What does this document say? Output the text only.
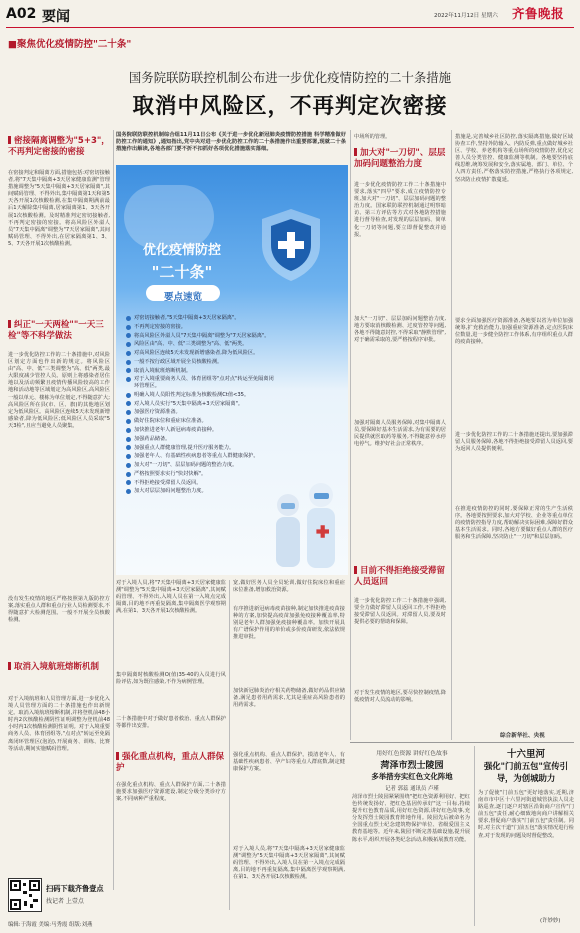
A02 要闻	2022年11月12日 星期六 齐鲁晚报
■聚焦优化疫情防控"二十条"
国务院联防联控机制公布进一步优化疫情防控的二十条措施
取消中风险区，不再判定次密接
国务院联防联控机制综合组11月11日公布《关于进一步优化新冠肺炎疫情防控措施 科学精准做好防控工作的通知》,通知指出,党中央对进一步优化防控工作的二十条措施作出重要部署,现就二十条措施作出解读,各地各部门要不折不扣抓好各项优化措施落实落细。
密接隔离调整为"5+3"，不再判定密接的密接
在密接判定和隔离方面,措施包括:对密切接触者,将"7天集中隔离+3天居家健康监测"管理措施调整为"5天集中隔离+3天居家隔离",其间赋码管理、不得外出,集中隔离第1天和第5天各开展1次核酸检测,在集中隔离期满前最后1天解除集中隔离,居家隔离第1、3天各开展1次核酸检测。及时精准判定密切接触者,不再判定密接的密接。将高风险区外溢人员"7天集中隔离"调整为"7天居家隔离",其间赋码管理、不得外出,在居家隔离第1、3、5、7天各开展1次核酸检测。
纠正"一天两检""一天三检"等不科学做法
进一步优化防控工作的二十条措施中,对风险区划定方面也作出新的规定。将风险区由"高、中、低"三类调整为"高、低"两类,最大限度减少管控人员。原则上将感染者居住地以及活动频繁且疫情传播风险较高的工作地和活动地等区域划定为高风险区,高风险区一般以单元、楼栋为单位划定,不得随意扩大;高风险区所在县(市、区、旗)的其他地区划定为低风险区。高风险区连续5天未发现新增感染者,降为低风险区;低风险区人员采取"5天3检",且应当避免人员聚集。
没有发生疫情的地区严格按照第九版防控方案,落实重点人群和重点行业人员检测要求,不得随意扩大检测范围。一般不开展全员核酸检测。
取消入境航班熔断机制
对于入境航班和人员管理方面,进一步优化入境人员管理方面的二十条措施也作出新规定。取消入境航班熔断机制,并将登机前48小时内2次核酸检测阴性证明调整为登机前48小时内1次核酸检测阴性证明。对于入境重要商务人员、体育团组等,"点对点"转运至免隔离闭环管理区(泡泡),开展商务、训练、比赛等活动,期间实施赋码管理。
优化疫情防控
"二十条"
要点速览
对密切接触者,"5天集中隔离+3天居家隔离"。
不再判定密接的密接。
将高风险区外溢人员"7天集中隔离"调整为"7天居家隔离"。
风险区由"高、中、低"三类调整为"高、低"两类。
对高风险区连续5天未发现新增感染者,降为低风险区。
一般不按行政区域开展全员核酸检测。
取消入境航班熔断机制。
对于入境重要商务人员、体育团组等"点对点"转运至免隔离闭环管理区。
明确入境人员阳性判定标准为核酸检测Ct值<35。
对入境人员实行"5天集中隔离+3天居家隔离"。
加强医疗资源准备。
做好住院床位和重症床位准备。
加快推进老年人新冠病毒疫苗接种。
加强药品储备。
加强重点人群健康管理,提升医疗服务能力。
加强老年人、有基础性疾病患者等重点人群健康保护。
加大对"一刀切"、层层加码问题的整治力度。
严格按照要求实行"快封快解"。
不得拒绝接受滞留人员返回。
加大对层层加码问题整治力度。
对于入境人员,将"7天集中隔离+3天居家健康监测"调整为"5天集中隔离+3天居家隔离",其间赋码管理、不得外出,入境人员在第一入境点完成隔离,目的地不再重复隔离,集中隔离医学观察期满,在第1、3天各开展1次核酸检测。
强化重点机构，重点人群保护
在强化重点机构、重点人群保护方面,二十条措施要求加强医疗资源建设,制定分级分类诊疗方案,不同病种严重程度。
集中隔离时核酸检测O(值)35-40的入员进行风险评估,如为既往感染,不作为病例管理。
二十条措施中对于做好患者救治、重点人群保护等都作出安排。
宽,做好医务人员全员轮训,做好住院床位和重症床位准备,增加救治资源。
有序推进新冠病毒疫苗接种,制定加快推进疫苗接种的方案,加快提高疫苗加强免疫接种覆盖率,特别是老年人群加强免疫接种覆盖率。加快开展具有广谱保护作用的单价或多价疫苗研发,依法依规推进审批。
加快新冠肺炎治疗相关药物储备,做好药品供应储备,满足患者用药需求,尤其是重症高风险患者的用药需求。
强化重点机构、重点人群保护。摸清老年人、有基础性疾病患者、孕产妇等重点人群底数,制定健康保护方案。
对于入境人员,将"7天集中隔离+3天居家健康监测"调整为"5天集中隔离+3天居家隔离",其间赋码管理、不得外出,入境人员在第一入境点完成隔离,目的地不再重复隔离,集中隔离医学观察期满,在第1、3天各开展1次核酸检测。
中场所的管理。
加大对"一刀切"、层层加码问题整治力度
进一步优化疫情防控工作二十条措施中要求,落实"四早"要求,成立疫情防控专班,加大对"一刀切"、层层加码问题的整治力度。国家联防联控机制通过明察暗访、第三方评估等方式对各地防控措施进行督导检查,对发现的层层加码、简单化一刀切等问题,要立即督促整改并通报。
加大"一刀切"、层层加码问题整治力度,地方要取消核酸检测、过度管控等问题,各地不得随意封控,不得采取"静默管理",对于确需采取的,要严格按程序审批。
加强对隔离人员服务保障,对集中隔离人员,要保障好基本生活需求,为有需要的居民提供就医取药等服务,不得随意停水停电停气。维护好社会正常秩序。
目前不得拒绝接受滞留人员返回
进一步优化防控工作二十条措施中强调,要全力做好滞留人员返回工作,不得拒绝接受滞留人员返回。对滞留人员,要及时提供必要的帮助和保障。
对于发生疫情的地区,要尽快控制疫情,降低疫情对人员流动的影响。
措施是,完善城乡社区防控,落实隔离措施,做好区域协查工作,坚持外防输入、内防反弹,重点做好城乡社区、学校、养老机构等重点场所的疫情防控,优化完善人员分类管控、健康监测等机制。各地要坚持底线思维,统筹发展和安全,落实属地、部门、单位、个人四方责任,严格落实防控措施,严格执行各项规定,坚决防止疫情扩散蔓延。
要求全面加强医疗资源准备,各地要以省为单位加强统筹,扩充救治能力,加强重症资源准备,定点医院床位数量,进一步健全防控工作体系,有序组织重点人群的疫苗接种。
进一步优化防控工作的二十条措施还提出,要加强滞留人员服务保障,各地不得拒绝接受滞留人员返回,要为返回人员提供便利。
在推进疫情防控的同时,要保障正常的生产生活秩序。各地要按照要求,加大对学校、企业等重点单位的疫情防控指导力度,帮助解决实际困难,保障好群众基本生活需求。同时,各地方要做好重点人群的医疗服务和生活保障,坚决防止"一刀切"和层层加码。
综合新华社、央视
用好红色资源 讲好红色故事
菏泽市烈士陵园
多举措夯实红色文化阵地
记者 郭蕊 通讯员 卢瑾
菏泽市烈士陵园紧紧围绕"把红色资源利用好、把红色传统发扬好、把红色基因传承好"这一目标,持续提升红色教育品质,用好红色资源,讲好红色故事,充分发挥烈士陵园教育阵地作用。陵园先后被命名为全国重点烈士纪念建筑物保护单位、省级爱国主义教育基地等。近年来,陵园不断完善基础设施,提升展陈水平,组织开展各类纪念活动,积极拓展教育功能。
十六里河
强化"门前五包"宣传引导，为创城助力
为了促使"门前五包"更好地落实,近期,济南市市中区十六里河街道城管执法人员走路巡查,逐门逐户对辖区沿街商户宣传"门前五包"责任,耐心细致地向商户讲解相关要求,督促商户落实"门前五包"责任制。同时,对主次干道"门前五包"落实情况进行检查,对于发现的问题及时督促整改。
(许妙妙)
扫码下载齐鲁壹点
找记者 上壹点
编辑:于海霞 美编:马秀霞 组版:刘燕
